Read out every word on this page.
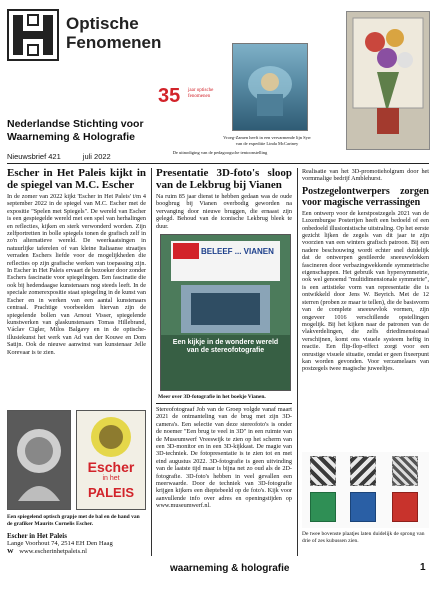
Optische
Fenomenen
35 jaar optische fenomenen
Vroeg-Zamen heeft in een vervarmende lijn Syrr van de expeditie Linda McCartney
Nederlandse Stichting voor
Waarneming & Holografie
Nieuwsbrief 421	juli 2022	De uitnodiging van de pedagoogsche tentoonstelling
Escher in Het Paleis kijkt in de spiegel van M.C. Escher
In de zomer van 2022 kijkt 'Escher in Het Paleis' t/m 4 september 2022 in de spiegel van M.C. Escher met de expositie "Spelen met Spiegels". De wereld van Escher is een gespiegelde wereld met een spel van herhalingen en reflecties, kijken en sterk verwonderd worden. Zijn zelfportretten in bolle spiegels tonen de grafisch zelf in zo'n alternatieve wereld. De weerkaatsingen in natuurlijke taferelen of van kleine Italiaanse straatjes verraden Eschers liefde voor de mogelijkheden die reflecties op zijn grafische werken van toepassing zijn. In Escher in Het Paleis ervaart de bezoeker door zonder Eschers fascinatie voor spiegelingen. Een fascinatie die ook bij hedendaagse kunstenaars nog steeds leeft. In de speciale zomerexpositie staat spiegeling in de kunst van Escher en in werken van een aantal kunstenaars centraal. Prachtige voorbeelden hiervan zijn de spiegelende bollen van Arnout Visser, spiegelende kunstwerken van glaskunstenaars Tomas Hillebrand, Václav Cigler, Milos Balgavy en in de optische-illusiekunst het werk van Ad van der Kouwe en Dom Satijn. Ook de nieuwe aanwinst van kunstenaar Jelle Korevaar is te zien.
Escher
in het
PALEIS
Een spiegelend optisch grapje met de bal en de hand van de grafiker Maurits Cornelis Escher.
Escher in Het Paleis
Lange Voorhout 74, 2514 EH Den Haag
W www.escherinhetpaleis.nl
Presentatie 3D-foto's sloop van de Lekbrug bij Vianen
Na ruim 85 jaar dienst te hebben gedaan was de oude boogbrug bij Vianen overbodig geworden na vervanging door nieuwe bruggen, die ernaast zijn gelegd. Behoud van de iconische Lekbrug bleek te duur.
BELEEF ... VIANEN
Een kijkje in de wondere wereld van de stereofotografie
Meer over 3D-fotografie in het boekje Vianen.
Stereofotograaf Job van de Groep volgde vanaf maart 2021 de ontmanteling van de brug met zijn 3D-camera's. Een selectie van deze stereofoto's is onder de noemer "Een brug te veel in 3D" in een ruimte van de Museumwerf Vreeswijk te zien op het scherm van een 3D-monitor en in een 3D-kijkkast. De magie van 3D-techniek. De fotopresentatie is te zien tot en met eind augustus 2022. 3D-fotografie is geen uitvinding van de laatste tijd maar is bijna net zo oud als de 2D-fotografie. 3D-foto's hebben in veel gevallen een meerwaarde. Door de techniek van 3D-fotografie krijgen kijkers een dieptebeeld op de foto's. Kijk voor aanvullende info over adres en openingstijden op www.museumwerf.nl.
Realisatie van het 3D-promotieholgram door het vormmalige bedrijf Amblehurst.
Postzegelontwerpers zorgen voor magische verrassingen
Een ontwerp voor de kerstpostzegels 2021 van de Luxemburgse Posterijen heeft een bedoeld of een onbedoeld illusionistische uitstraling. Op het eerste gezicht lijken de zegels van dit jaar te zijn voorzien van een winters grafisch patroon. Bij een nadere beschouwing wordt echter snel duidelijk dat de ontwerpen gestileerde sneeuwvlokken fascineren door verbazingwekkende symmetrische eigenschappen. Het gebruik van hypersymmetrie, ook wel genoemd "multidimensionale symmetrie", is een artistieke vorm van representatie die is ontwikkeld door Jens W. Beyrich. Met de 12 sterren (proben ze maar te tellen), die de basisvorm van de complete sneeuwvlok vormen, zijn ongeveer 1016 verschillende opstellingen mogelijk. Bij het kijken naar de patronen van de vlakverdelingen, die zelfs driedimensionaal verschijnen, komt ons visuele systeem heftig in reactie. Een flip-flop-effect zorgt voor een onrustige visuele situatie, omdat er geen fixeerpunt kan worden gevonden. Voor verzamelaars van postzegels twee magische juweeltjes.
De twee bovenste plaatjes laten duidelijk de sprong van drie of zes kubussen zien.
waarneming & holografie	1
